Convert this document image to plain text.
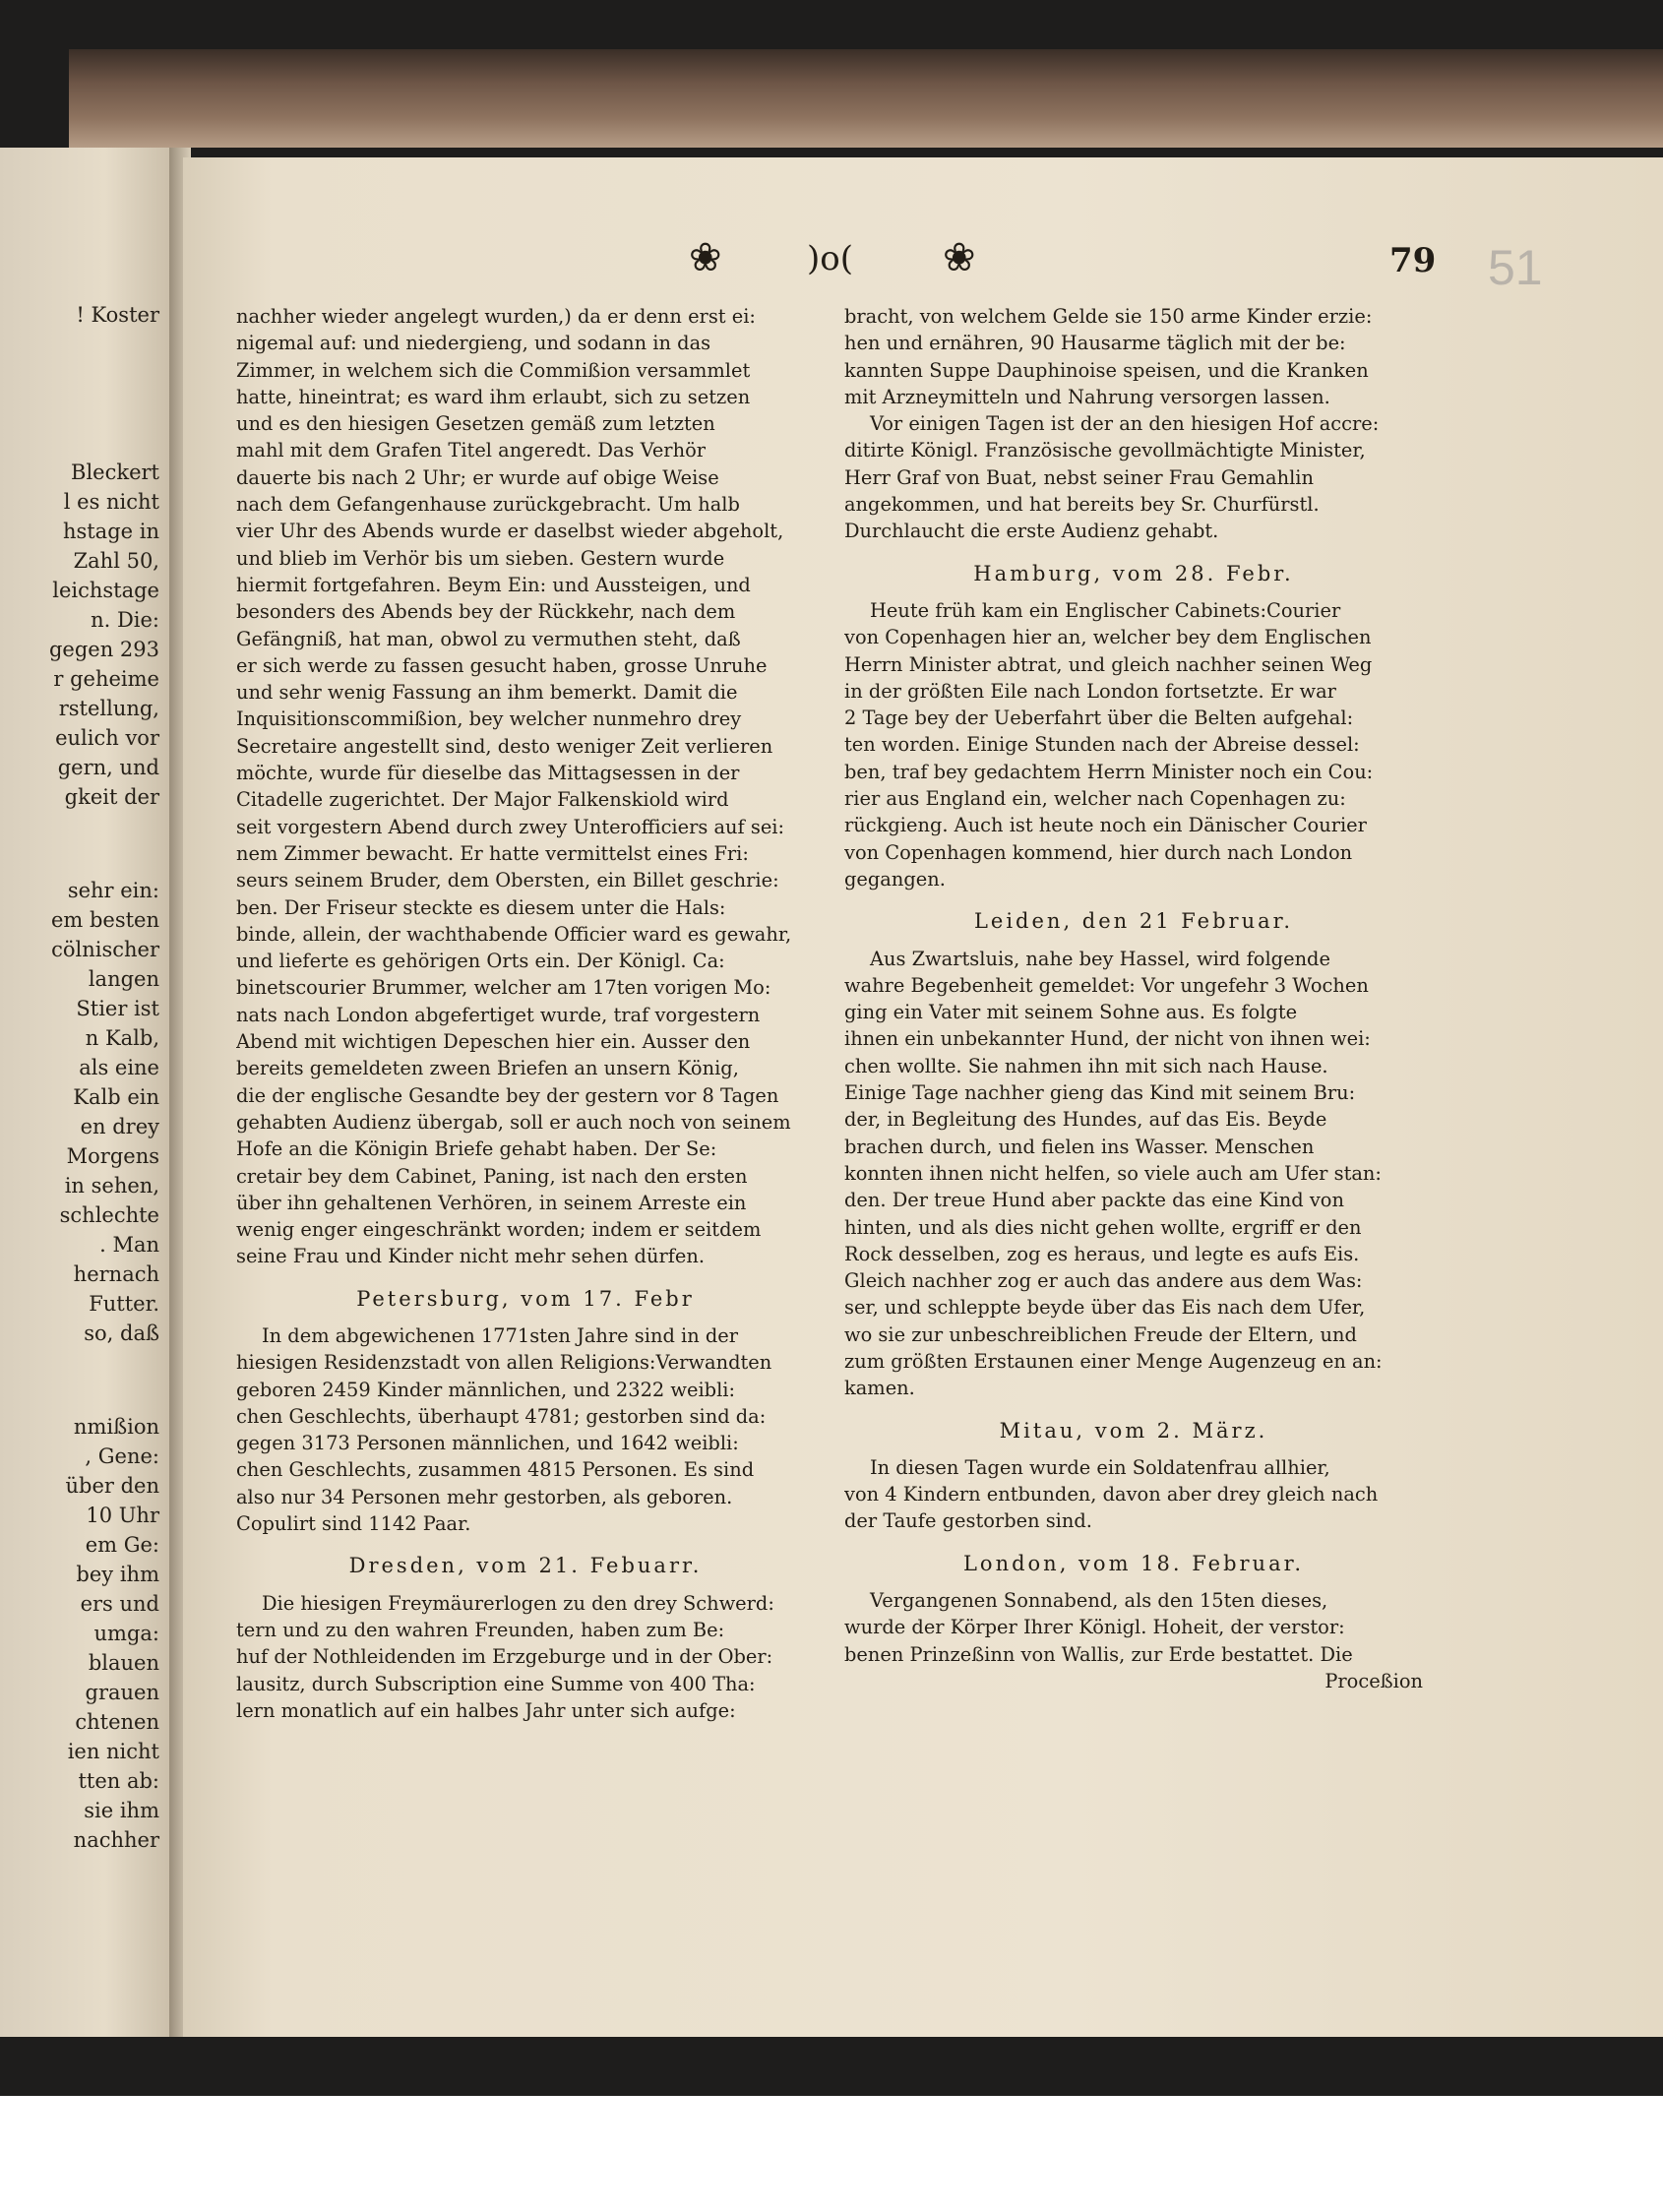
! Koster
Bleckert
l es nicht
hstage in
Zahl 50,
leichstage
n. Die:
gegen 293
r geheime
rstellung,
eulich vor
gern, und
gkeit der
sehr ein:
em besten
cölnischer
langen
Stier ist
n Kalb,
als eine
Kalb ein
en drey
Morgens
in sehen,
schlechte
. Man
hernach
Futter.
so, daß
nmißion
, Gene:
über den
10 Uhr
em Ge:
bey ihm
ers und
umga:
blauen
grauen
chtenen
ien nicht
tten ab:
sie ihm
nachher
❀	)o( ❀	79 51

nachher wieder angelegt wurden,) da er denn erst ei:
nigemal auf: und niedergieng, und sodann in das
Zimmer, in welchem sich die Commißion versammlet
hatte, hineintrat; es ward ihm erlaubt, sich zu setzen
und es den hiesigen Gesetzen gemäß zum letzten
mahl mit dem Grafen Titel angeredt. Das Verhör
dauerte bis nach 2 Uhr; er wurde auf obige Weise
nach dem Gefangenhause zurückgebracht. Um halb
vier Uhr des Abends wurde er daselbst wieder abgeholt,
und blieb im Verhör bis um sieben. Gestern wurde
hiermit fortgefahren. Beym Ein: und Aussteigen, und
besonders des Abends bey der Rückkehr, nach dem
Gefängniß, hat man, obwol zu vermuthen steht, daß
er sich werde zu fassen gesucht haben, grosse Unruhe
und sehr wenig Fassung an ihm bemerkt. Damit die
Inquisitionscommißion, bey welcher nunmehro drey
Secretaire angestellt sind, desto weniger Zeit verlieren
möchte, wurde für dieselbe das Mittagsessen in der
Citadelle zugerichtet. Der Major Falkenskiold wird
seit vorgestern Abend durch zwey Unterofficiers auf sei:
nem Zimmer bewacht. Er hatte vermittelst eines Fri:
seurs seinem Bruder, dem Obersten, ein Billet geschrie:
ben. Der Friseur steckte es diesem unter die Hals:
binde, allein, der wachthabende Officier ward es gewahr,
und lieferte es gehörigen Orts ein. Der Königl. Ca:
binetscourier Brummer, welcher am 17ten vorigen Mo:
nats nach London abgefertiget wurde, traf vorgestern
Abend mit wichtigen Depeschen hier ein. Ausser den
bereits gemeldeten zween Briefen an unsern König,
die der englische Gesandte bey der gestern vor 8 Tagen
gehabten Audienz übergab, soll er auch noch von seinem
Hofe an die Königin Briefe gehabt haben. Der Se:
cretair bey dem Cabinet, Paning, ist nach den ersten
über ihn gehaltenen Verhören, in seinem Arreste ein
wenig enger eingeschränkt worden; indem er seitdem
seine Frau und Kinder nicht mehr sehen dürfen.

Petersburg, vom 17. Febr

In dem abgewichenen 1771sten Jahre sind in der
hiesigen Residenzstadt von allen Religions:Verwandten
geboren 2459 Kinder männlichen, und 2322 weibli:
chen Geschlechts, überhaupt 4781; gestorben sind da:
gegen 3173 Personen männlichen, und 1642 weibli:
chen Geschlechts, zusammen 4815 Personen. Es sind
also nur 34 Personen mehr gestorben, als geboren.
Copulirt sind 1142 Paar.

Dresden, vom 21. Febuarr.

Die hiesigen Freymäurerlogen zu den drey Schwerd:
tern und zu den wahren Freunden, haben zum Be:
huf der Nothleidenden im Erzgeburge und in der Ober:
lausitz, durch Subscription eine Summe von 400 Tha:
lern monatlich auf ein halbes Jahr unter sich aufge:

bracht, von welchem Gelde sie 150 arme Kinder erzie:
hen und ernähren, 90 Hausarme täglich mit der be:
kannten Suppe Dauphinoise speisen, und die Kranken
mit Arzneymitteln und Nahrung versorgen lassen.

Vor einigen Tagen ist der an den hiesigen Hof accre:
ditirte Königl. Französische gevollmächtigte Minister,
Herr Graf von Buat, nebst seiner Frau Gemahlin
angekommen, und hat bereits bey Sr. Churfürstl.
Durchlaucht die erste Audienz gehabt.

Hamburg, vom 28. Febr.

Heute früh kam ein Englischer Cabinets:Courier
von Copenhagen hier an, welcher bey dem Englischen
Herrn Minister abtrat, und gleich nachher seinen Weg
in der größten Eile nach London fortsetzte. Er war
2 Tage bey der Ueberfahrt über die Belten aufgehal:
ten worden. Einige Stunden nach der Abreise dessel:
ben, traf bey gedachtem Herrn Minister noch ein Cou:
rier aus England ein, welcher nach Copenhagen zu:
rückgieng. Auch ist heute noch ein Dänischer Courier
von Copenhagen kommend, hier durch nach London
gegangen.

Leiden, den 21 Februar.

Aus Zwartsluis, nahe bey Hassel, wird folgende
wahre Begebenheit gemeldet: Vor ungefehr 3 Wochen
ging ein Vater mit seinem Sohne aus. Es folgte
ihnen ein unbekannter Hund, der nicht von ihnen wei:
chen wollte. Sie nahmen ihn mit sich nach Hause.
Einige Tage nachher gieng das Kind mit seinem Bru:
der, in Begleitung des Hundes, auf das Eis. Beyde
brachen durch, und fielen ins Wasser. Menschen
konnten ihnen nicht helfen, so viele auch am Ufer stan:
den. Der treue Hund aber packte das eine Kind von
hinten, und als dies nicht gehen wollte, ergriff er den
Rock desselben, zog es heraus, und legte es aufs Eis.
Gleich nachher zog er auch das andere aus dem Was:
ser, und schleppte beyde über das Eis nach dem Ufer,
wo sie zur unbeschreiblichen Freude der Eltern, und
zum größten Erstaunen einer Menge Augenzeug en an:
kamen.

Mitau, vom 2. März.

In diesen Tagen wurde ein Soldatenfrau allhier,
von 4 Kindern entbunden, davon aber drey gleich nach
der Taufe gestorben sind.

London, vom 18. Februar.

Vergangenen Sonnabend, als den 15ten dieses,
wurde der Körper Ihrer Königl. Hoheit, der verstor:
benen Prinzeßinn von Wallis, zur Erde bestattet. Die

Proceßion
